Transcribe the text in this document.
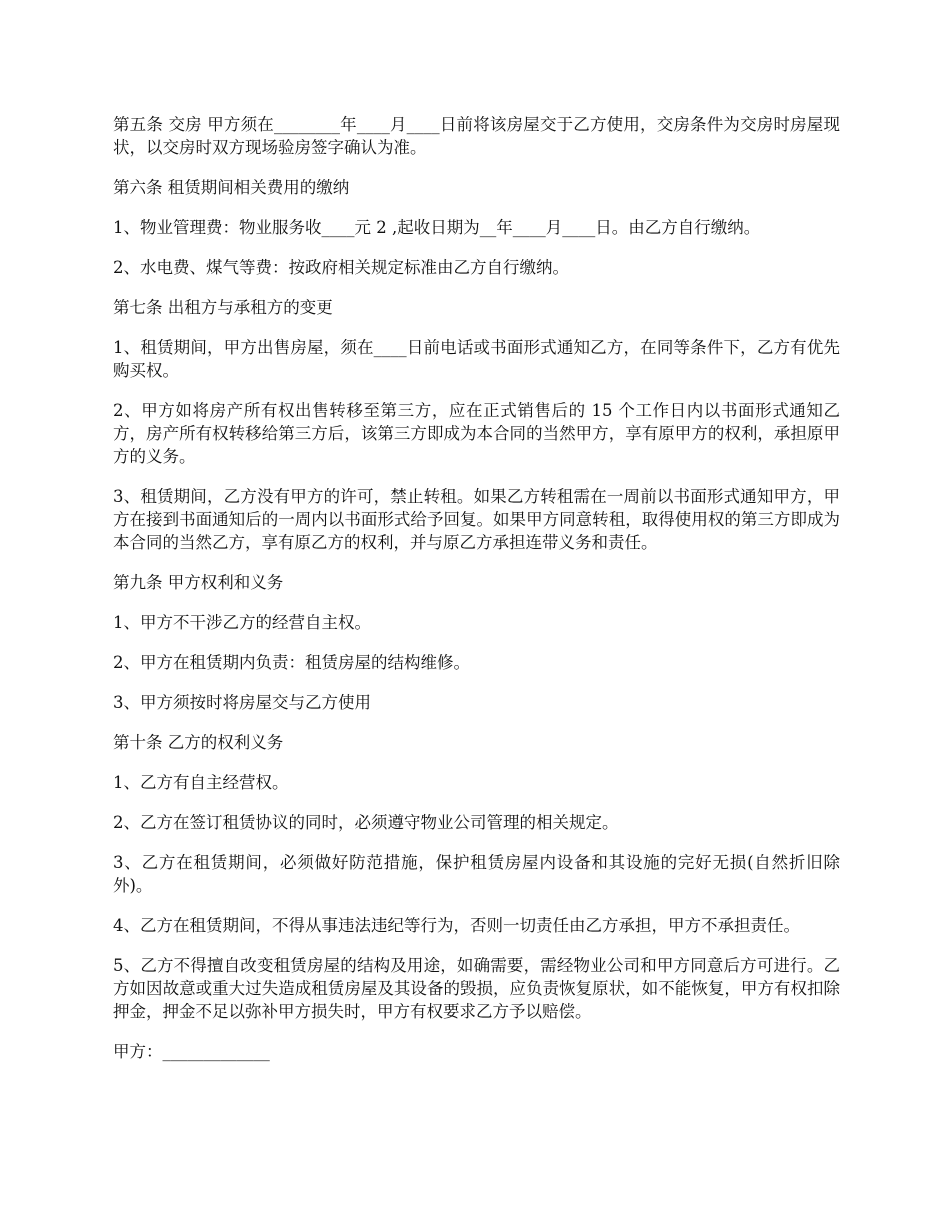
第五条 交房 甲方须在________年____月____日前将该房屋交于乙方使用，交房条件为交房时房屋现状，以交房时双方现场验房签字确认为准。

第六条 租赁期间相关费用的缴纳

1、物业管理费：物业服务收____元 2 ,起收日期为__年____月____日。由乙方自行缴纳。

2、水电费、煤气等费：按政府相关规定标准由乙方自行缴纳。

第七条 出租方与承租方的变更

1、租赁期间，甲方出售房屋，须在____日前电话或书面形式通知乙方，在同等条件下，乙方有优先购买权。

2、甲方如将房产所有权出售转移至第三方，应在正式销售后的 15 个工作日内以书面形式通知乙方，房产所有权转移给第三方后，该第三方即成为本合同的当然甲方，享有原甲方的权利，承担原甲方的义务。

3、租赁期间，乙方没有甲方的许可，禁止转租。如果乙方转租需在一周前以书面形式通知甲方，甲方在接到书面通知后的一周内以书面形式给予回复。如果甲方同意转租，取得使用权的第三方即成为本合同的当然乙方，享有原乙方的权利，并与原乙方承担连带义务和责任。

第九条 甲方权利和义务

1、甲方不干涉乙方的经营自主权。

2、甲方在租赁期内负责：租赁房屋的结构维修。

3、甲方须按时将房屋交与乙方使用

第十条 乙方的权利义务

1、乙方有自主经营权。

2、乙方在签订租赁协议的同时，必须遵守物业公司管理的相关规定。

3、乙方在租赁期间，必须做好防范措施，保护租赁房屋内设备和其设施的完好无损(自然折旧除外)。

4、乙方在租赁期间，不得从事违法违纪等行为，否则一切责任由乙方承担，甲方不承担责任。

5、乙方不得擅自改变租赁房屋的结构及用途，如确需要，需经物业公司和甲方同意后方可进行。乙方如因故意或重大过失造成租赁房屋及其设备的毁损，应负责恢复原状，如不能恢复，甲方有权扣除押金，押金不足以弥补甲方损失时，甲方有权要求乙方予以赔偿。

甲方：_____________
